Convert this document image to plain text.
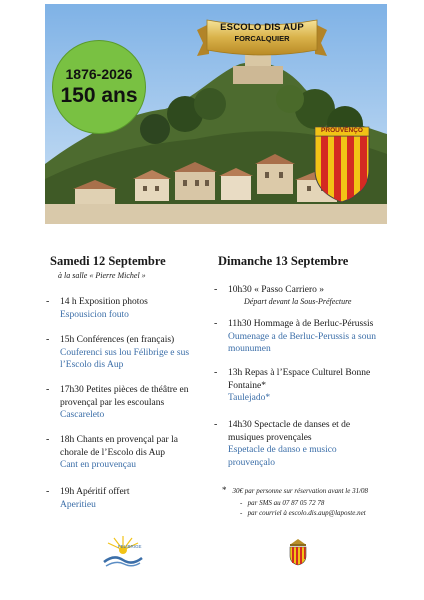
1876-2026
150 ans
ESCOLO DIS AUP
FORCALQUIER
PROUVÈNÇO
Samedi 12 Septembre
à la salle « Pierre Michel »
- 14 h Exposition photos
Espousicion fouto
- 15h Conférences (en français)
Couferenci sus lou Félibrige e sus l’Escolo dis Aup
- 17h30 Petites pièces de théâtre en provençal par les escoulans
Cascareleto
- 18h Chants en provençal par la chorale de l’Escolo dis Aup
Cant en prouvençau
- 19h Apéritif offert
Aperitieu
Dimanche 13 Septembre
- 10h30 « Passo Carriero »
Départ devant la Sous-Préfecture
- 11h30 Hommage à de Berluc-Pérussis
Oumenage a de Berluc-Perussis a soun mounumen
- 13h Repas à l’Espace Culturel Bonne Fontaine*
Taulejado*
- 14h30 Spectacle de danses et de musiques provençales
Espetacle de danso e musico prouvençalo
* 30€ par personne sur réservation avant le 31/08
-   par SMS au 07 87 05 72 78
-   par courriel à escolo.dis.aup@laposte.net
FELIBRIGE
